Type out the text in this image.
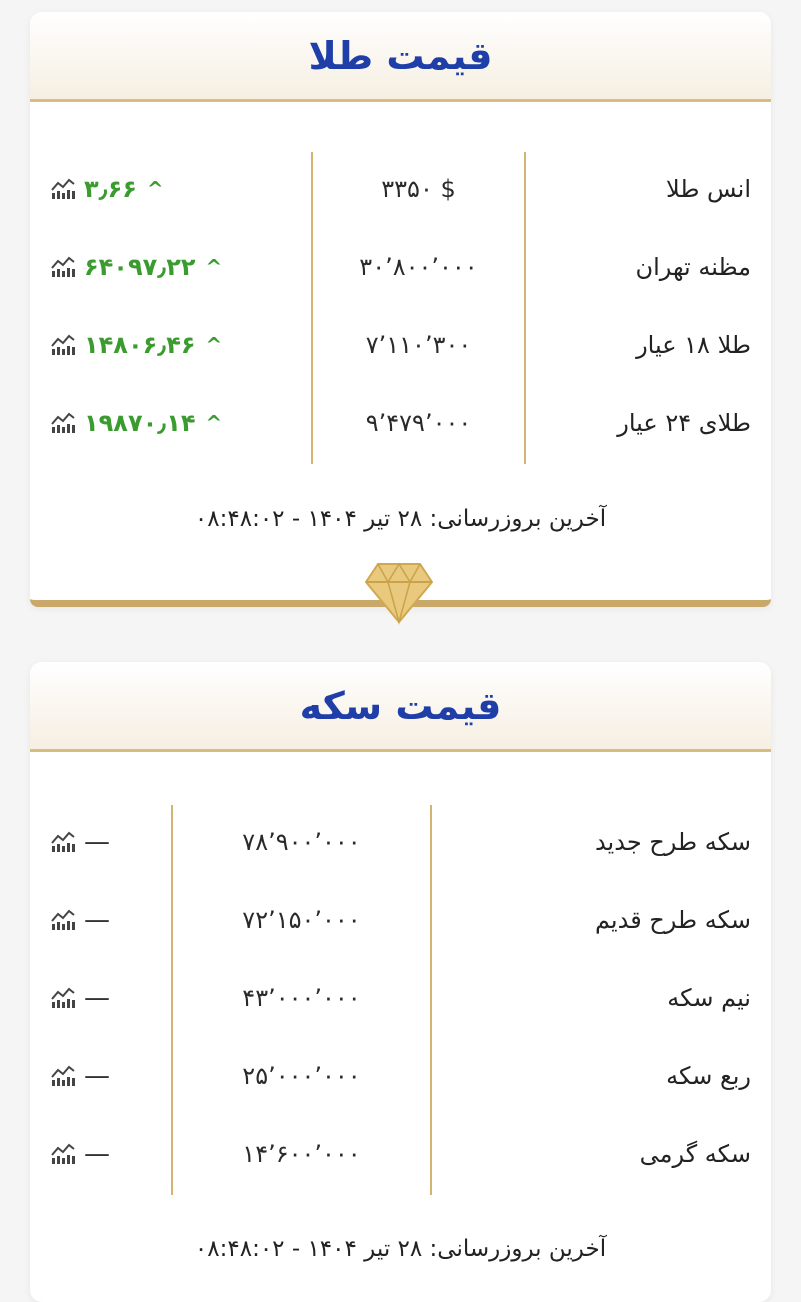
قیمت طلا
انس طلا
$ ۳۳۵۰
۳٫۶۶ ^
مظنه تهران
۳۰٬۸۰۰٬۰۰۰
۶۴۰۹۷٫۲۲ ^
طلا ۱۸ عیار
۷٬۱۱۰٬۳۰۰
۱۴۸۰۶٫۴۶ ^
طلای ۲۴ عیار
۹٬۴۷۹٬۰۰۰
۱۹۸۷۰٫۱۴ ^
آخرین بروزرسانی: ۲۸ تیر ۱۴۰۴ - ۰۸:۴۸:۰۲
قیمت سکه
سکه طرح جدید
۷۸٬۹۰۰٬۰۰۰
—
سکه طرح قدیم
۷۲٬۱۵۰٬۰۰۰
—
نیم سکه
۴۳٬۰۰۰٬۰۰۰
—
ربع سکه
۲۵٬۰۰۰٬۰۰۰
—
سکه گرمی
۱۴٬۶۰۰٬۰۰۰
—
آخرین بروزرسانی: ۲۸ تیر ۱۴۰۴ - ۰۸:۴۸:۰۲
